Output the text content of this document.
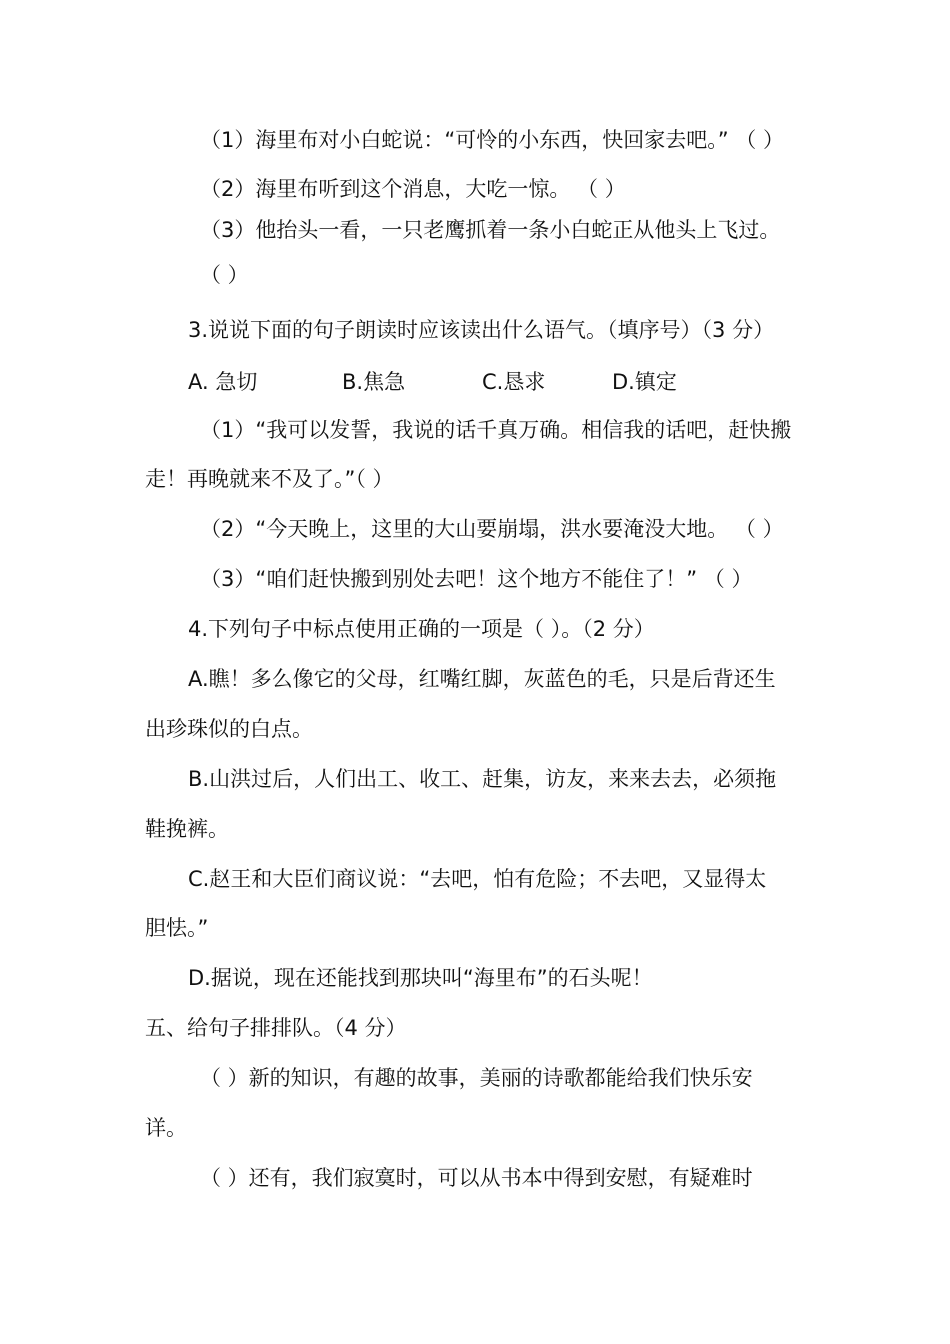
（1）海里布对小白蛇说：“可怜的小东西，快回家去吧。” （ ）
（2）海里布听到这个消息，大吃一惊。 （ ）
（3）他抬头一看，一只老鹰抓着一条小白蛇正从他头上飞过。
（ ）
3.说说下面的句子朗读时应该读出什么语气。（填序号）（3 分）
A. 急切	B.焦急	C.恳求	D.镇定
（1）“我可以发誓，我说的话千真万确。相信我的话吧，赶快搬
走！再晚就来不及了。”（ ）
（2）“今天晚上，这里的大山要崩塌，洪水要淹没大地。 （ ）
（3）“咱们赶快搬到别处去吧！这个地方不能住了！” （ ）
4.下列句子中标点使用正确的一项是（ ）。（2 分）
A.瞧！多么像它的父母，红嘴红脚，灰蓝色的毛，只是后背还生
出珍珠似的白点。
B.山洪过后，人们出工、收工、赶集，访友，来来去去，必须拖
鞋挽裤。
C.赵王和大臣们商议说：“去吧，怕有危险；不去吧，又显得太
胆怯。”
D.据说，现在还能找到那块叫“海里布”的石头呢！
五、给句子排排队。（4 分）
（ ）新的知识，有趣的故事，美丽的诗歌都能给我们快乐安
详。
（ ）还有，我们寂寞时，可以从书本中得到安慰，有疑难时
